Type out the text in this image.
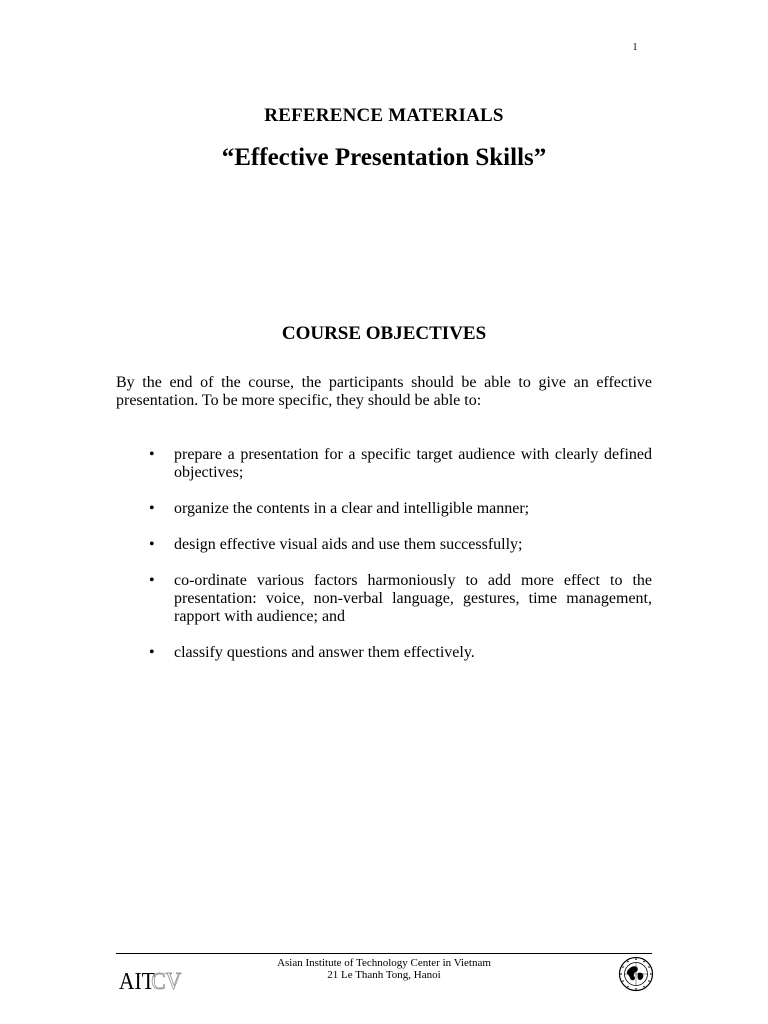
1
REFERENCE MATERIALS
“Effective Presentation Skills”
COURSE OBJECTIVES

By the end of the course, the participants should be able to give an effective presentation. To be more specific, they should be able to:

• prepare a presentation for a specific target audience with clearly defined objectives;
• organize the contents in a clear and intelligible manner;
• design effective visual aids and use them successfully;
• co-ordinate various factors harmoniously to add more effect to the presentation: voice, non-verbal language, gestures, time management, rapport with audience; and
• classify questions and answer them effectively.
Asian Institute of Technology Center in Vietnam
21 Le Thanh Tong, Hanoi
AIT
CV
